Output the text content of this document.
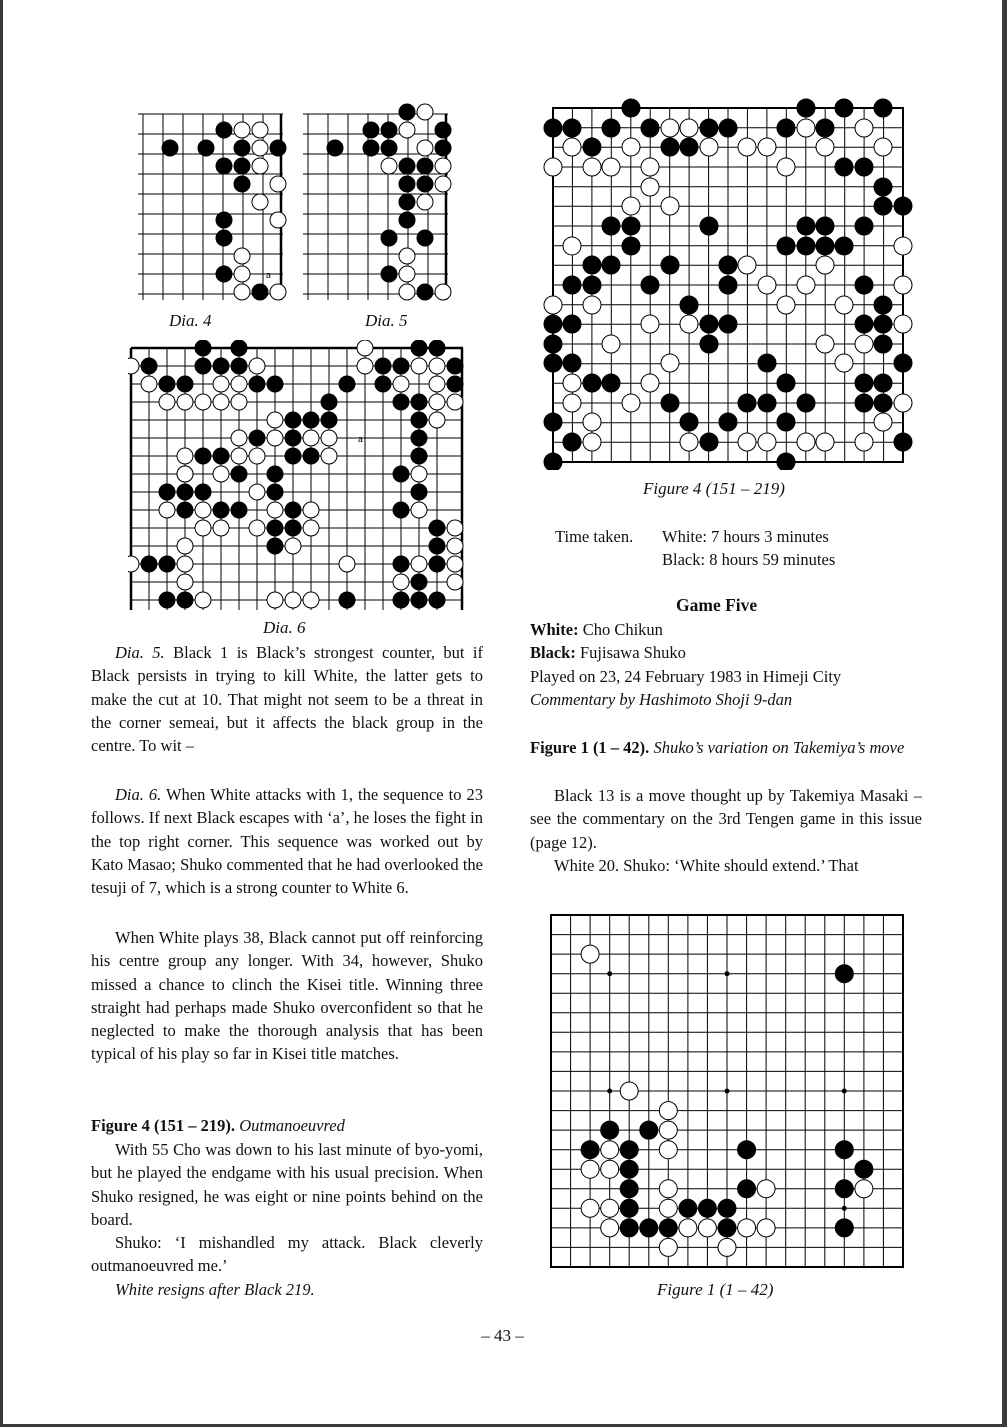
a
Dia. 4	Dia. 5
a
Dia. 6

Dia. 5. Black 1 is Black’s strongest counter, but if Black persists in trying to kill White, the latter gets to make the cut at 10. That might not seem to be a threat in the corner semeai, but it affects the black group in the centre. To wit –

Dia. 6. When White attacks with 1, the sequence to 23 follows. If next Black escapes with ‘a’, he loses the fight in the top right corner. This sequence was worked out by Kato Masao; Shuko commented that he had overlooked the tesuji of 7, which is a strong counter to White 6.

When White plays 38, Black cannot put off reinforcing his centre group any longer. With 34, however, Shuko missed a chance to clinch the Kisei title. Winning three straight had perhaps made Shuko overconfident so that he neglected to make the thorough analysis that has been typical of his play so far in Kisei title matches.

Figure 4 (151 – 219). Outmanoeuvred

With 55 Cho was down to his last minute of byo-yomi, but he played the endgame with his usual precision. When Shuko resigned, he was eight or nine points behind on the board.

Shuko: ‘I mishandled my attack. Black cleverly outmanoeuvred me.’

White resigns after Black 219.

Figure 4 (151 – 219)
Time taken. White: 7 hours 3 minutes
Black: 8 hours 59 minutes
Game Five
White: Cho Chikun
Black: Fujisawa Shuko
Played on 23, 24 February 1983 in Himeji City
Commentary by Hashimoto Shoji 9-dan

Figure 1 (1 – 42). Shuko’s variation on Takemiya’s move

Black 13 is a move thought up by Takemiya Masaki – see the commentary on the 3rd Tengen game in this issue (page 12).

White 20. Shuko: ‘White should extend.’ That

Figure 1 (1 – 42)
– 43 –
